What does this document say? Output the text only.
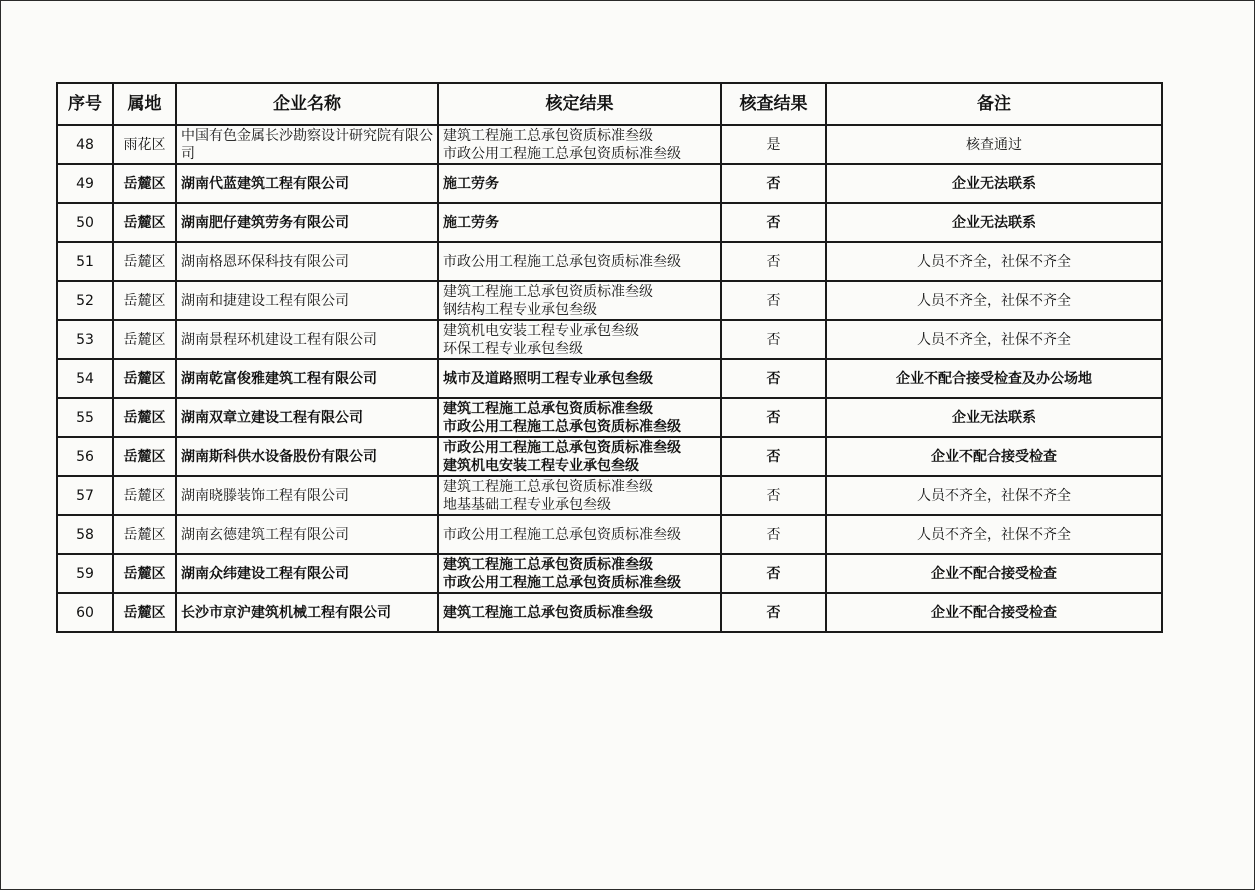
序号	属地	企业名称	核定结果	核查结果	备注
48	雨花区	中国有色金属长沙勘察设计研究院有限公司	建筑工程施工总承包资质标准叁级
市政公用工程施工总承包资质标准叁级	是	核查通过
49	岳麓区	湖南代蓝建筑工程有限公司	施工劳务	否	企业无法联系
50	岳麓区	湖南肥仔建筑劳务有限公司	施工劳务	否	企业无法联系
51	岳麓区	湖南格恩环保科技有限公司	市政公用工程施工总承包资质标准叁级	否	人员不齐全，社保不齐全
52	岳麓区	湖南和捷建设工程有限公司	建筑工程施工总承包资质标准叁级
钢结构工程专业承包叁级	否	人员不齐全，社保不齐全
53	岳麓区	湖南景程环机建设工程有限公司	建筑机电安装工程专业承包叁级
环保工程专业承包叁级	否	人员不齐全，社保不齐全
54	岳麓区	湖南乾富俊雅建筑工程有限公司	城市及道路照明工程专业承包叁级	否	企业不配合接受检查及办公场地
55	岳麓区	湖南双章立建设工程有限公司	建筑工程施工总承包资质标准叁级
市政公用工程施工总承包资质标准叁级	否	企业无法联系
56	岳麓区	湖南斯科供水设备股份有限公司	市政公用工程施工总承包资质标准叁级
建筑机电安装工程专业承包叁级	否	企业不配合接受检查
57	岳麓区	湖南晓滕装饰工程有限公司	建筑工程施工总承包资质标准叁级
地基基础工程专业承包叁级	否	人员不齐全，社保不齐全
58	岳麓区	湖南玄德建筑工程有限公司	市政公用工程施工总承包资质标准叁级	否	人员不齐全，社保不齐全
59	岳麓区	湖南众纬建设工程有限公司	建筑工程施工总承包资质标准叁级
市政公用工程施工总承包资质标准叁级	否	企业不配合接受检查
60	岳麓区	长沙市京沪建筑机械工程有限公司	建筑工程施工总承包资质标准叁级	否	企业不配合接受检查
